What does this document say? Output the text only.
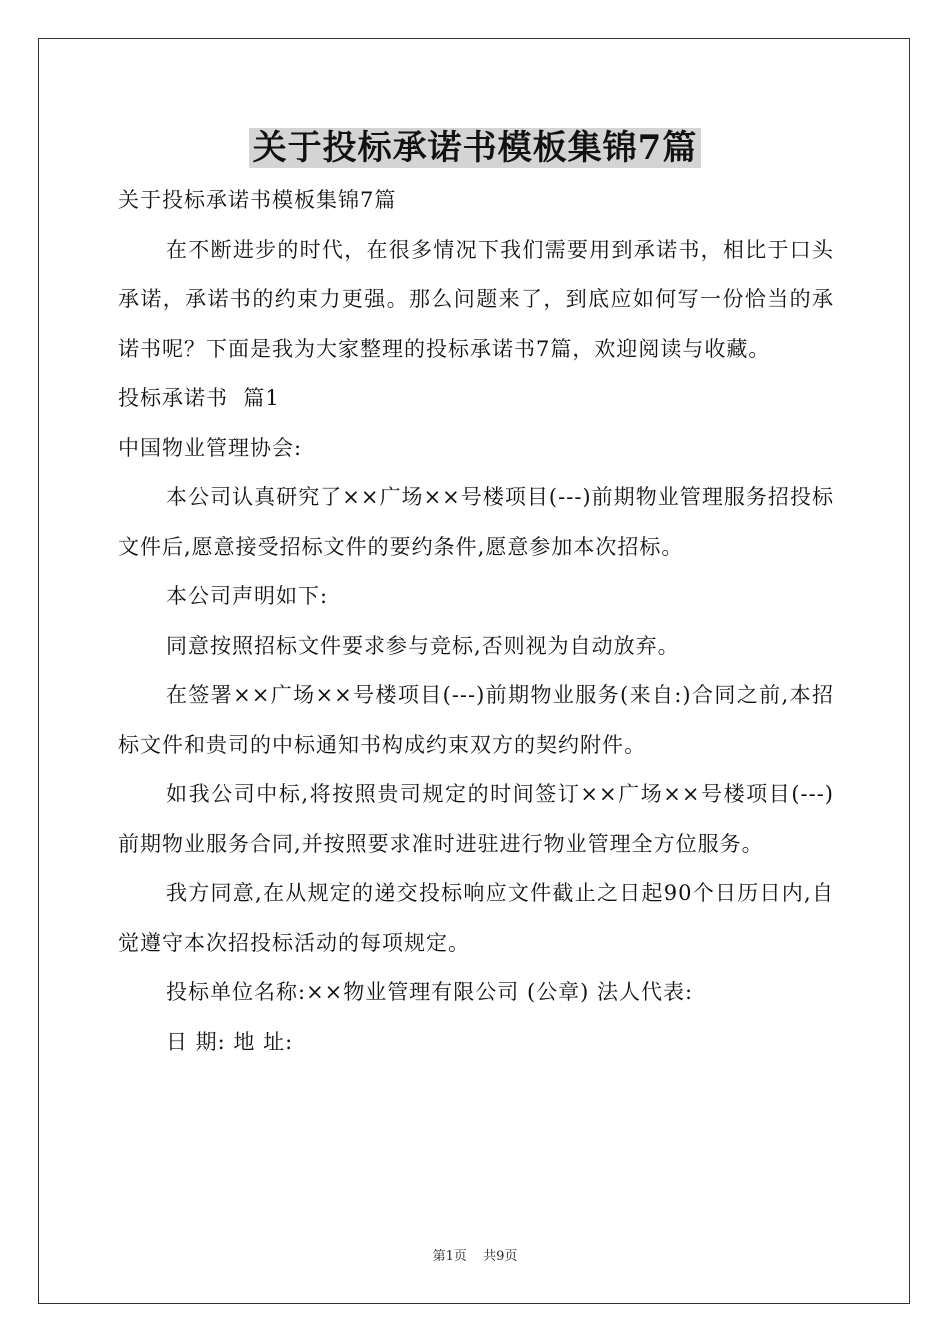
关于投标承诺书模板集锦7篇

关于投标承诺书模板集锦7篇

在不断进步的时代，在很多情况下我们需要用到承诺书，相比于口头承诺，承诺书的约束力更强。那么问题来了，到底应如何写一份恰当的承诺书呢？下面是我为大家整理的投标承诺书7篇，欢迎阅读与收藏。

投标承诺书  篇1

中国物业管理协会:

本公司认真研究了××广场××号楼项目(---)前期物业管理服务招投标文件后,愿意接受招标文件的要约条件,愿意参加本次招标。

本公司声明如下:

同意按照招标文件要求参与竞标,否则视为自动放弃。

在签署××广场××号楼项目(---)前期物业服务(来自:)合同之前,本招标文件和贵司的中标通知书构成约束双方的契约附件。

如我公司中标,将按照贵司规定的时间签订××广场××号楼项目(---)前期物业服务合同,并按照要求准时进驻进行物业管理全方位服务。

我方同意,在从规定的递交投标响应文件截止之日起90个日历日内,自觉遵守本次招投标活动的每项规定。

投标单位名称:××物业管理有限公司 (公章) 法人代表:

日 期: 地 址:

第1页 共9页
